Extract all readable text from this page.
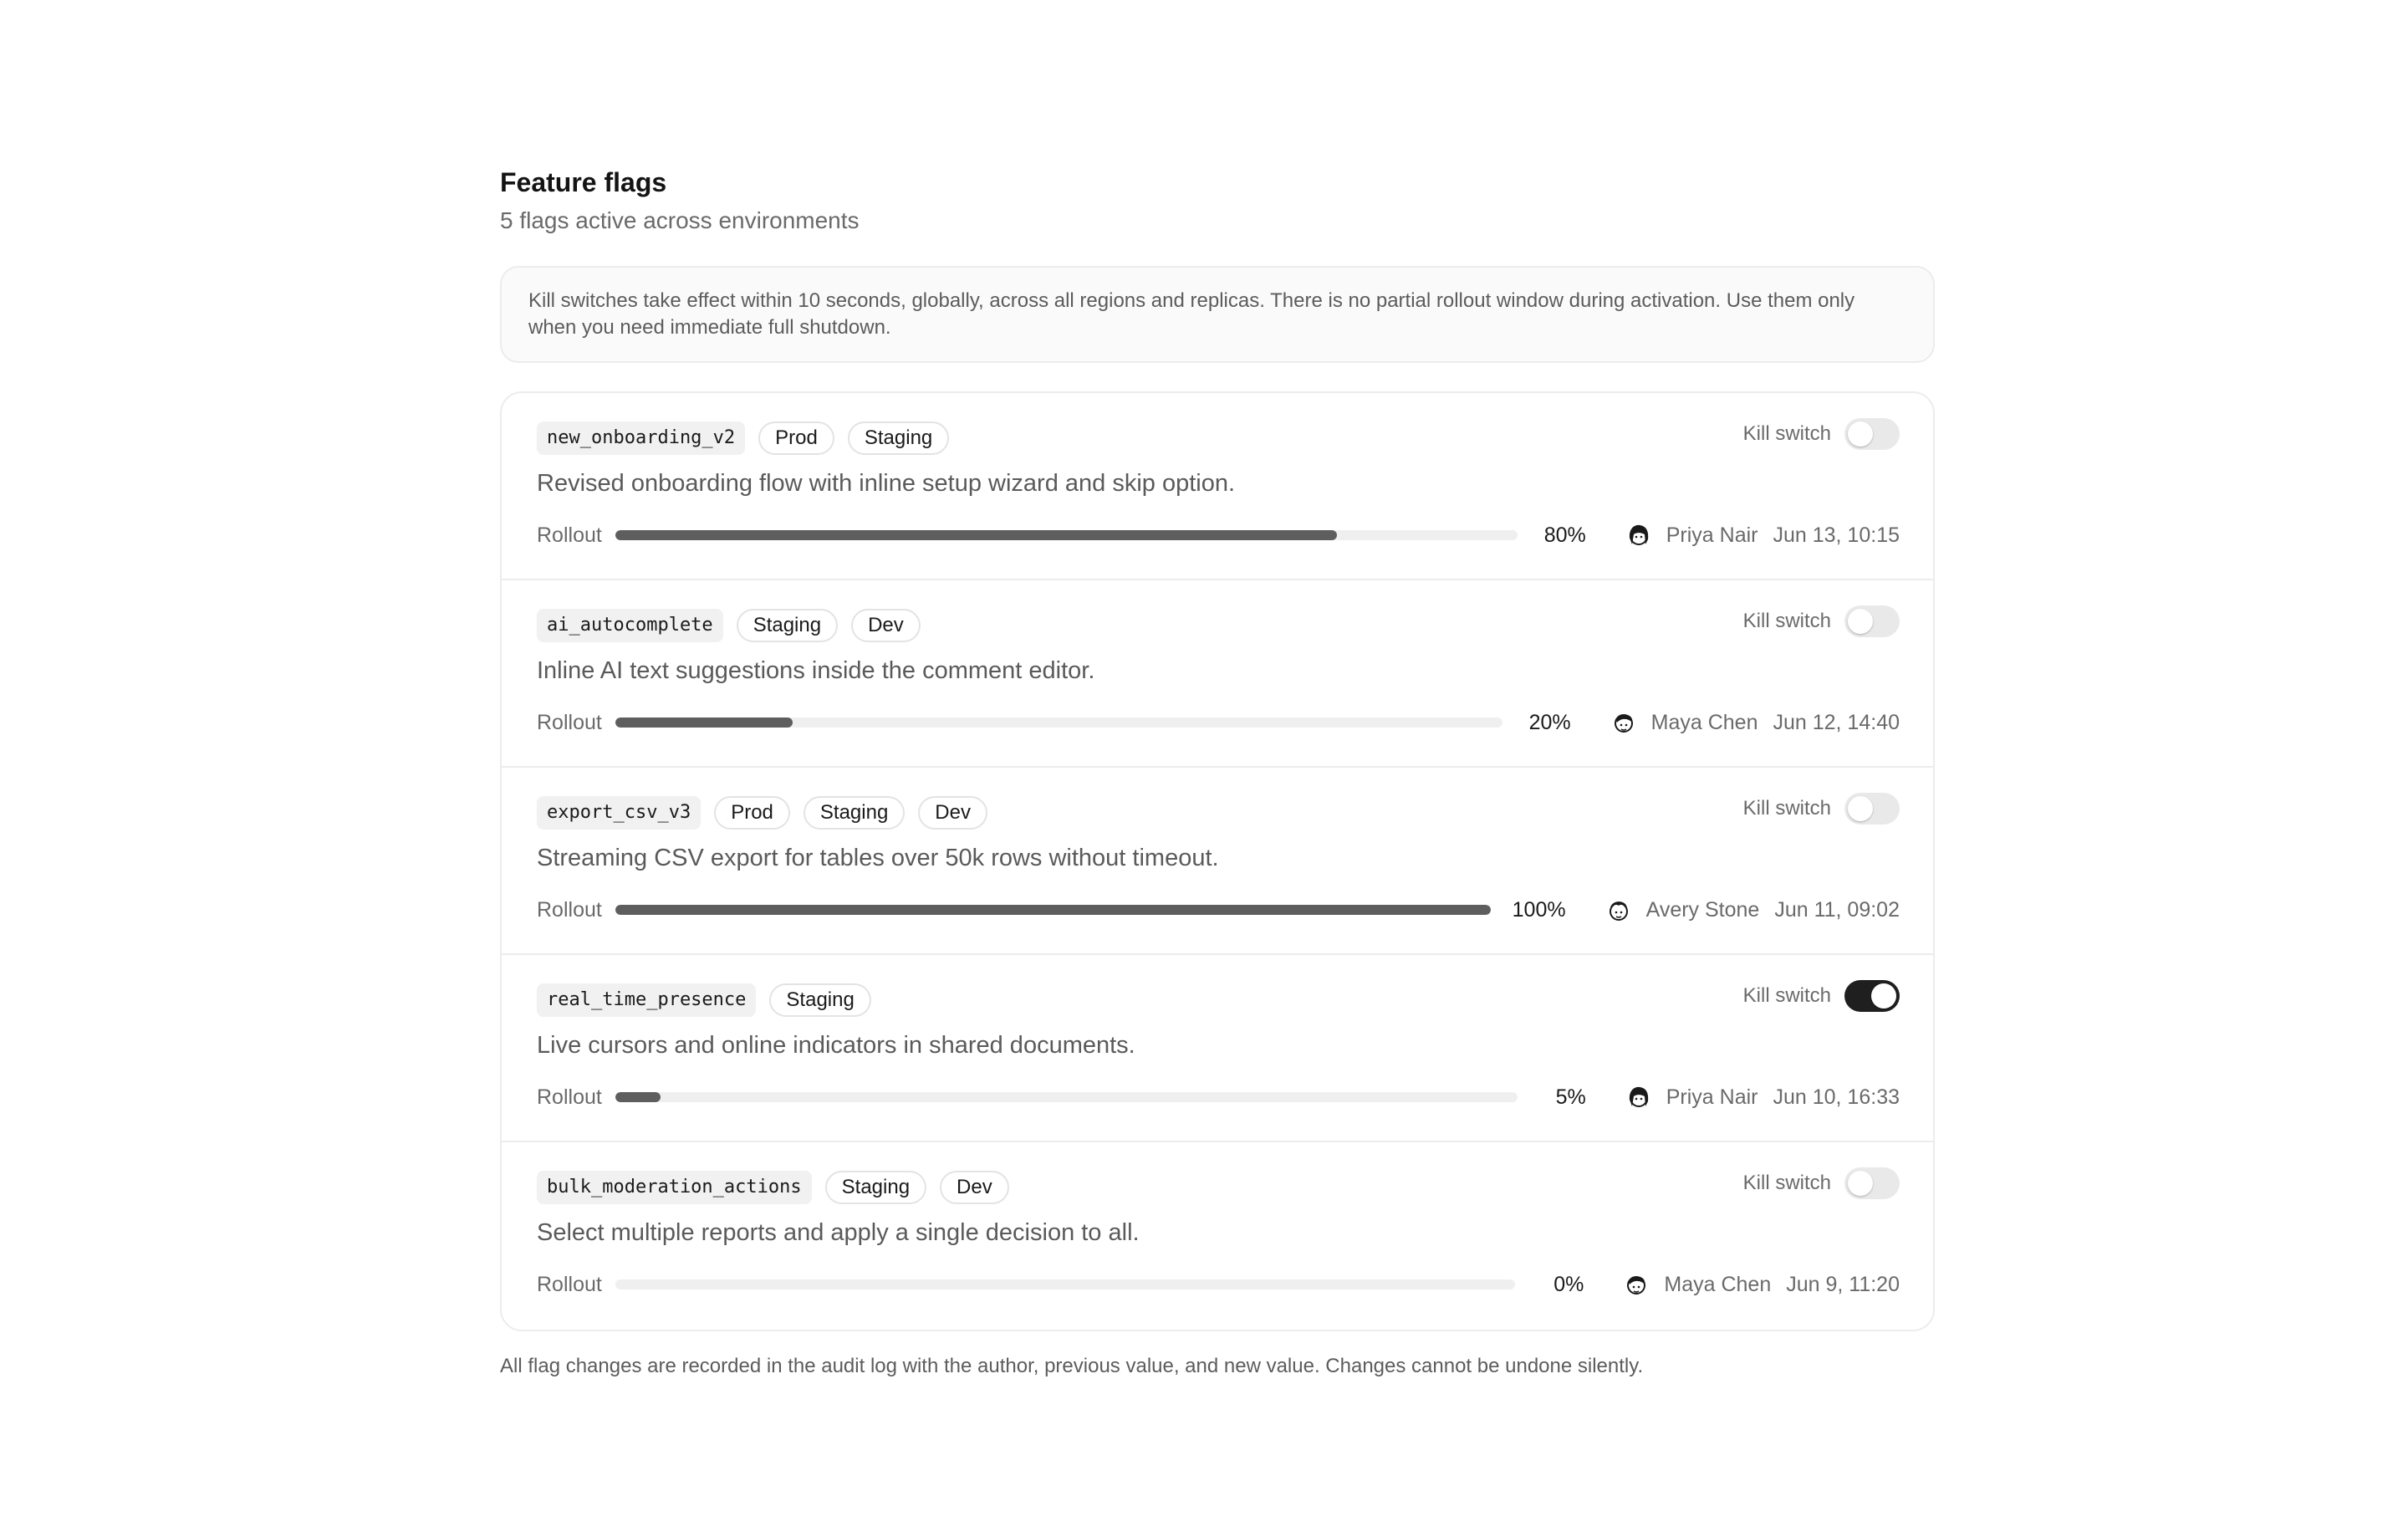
Feature flags
5 flags active across environments
Kill switches take effect within 10 seconds, globally, across all regions and replicas. There is no partial rollout window during activation. Use them only when you need immediate full shutdown.
new_onboarding_v2	Prod	Staging	Kill switch
Revised onboarding flow with inline setup wizard and skip option.
Rollout	80%	Priya Nair Jun 13, 10:15
ai_autocomplete	Staging	Dev	Kill switch
Inline AI text suggestions inside the comment editor.
Rollout	20%	Maya Chen Jun 12, 14:40
export_csv_v3	Prod	Staging	Dev	Kill switch
Streaming CSV export for tables over 50k rows without timeout.
Rollout	100%	Avery Stone Jun 11, 09:02
real_time_presence	Staging	Kill switch
Live cursors and online indicators in shared documents.
Rollout	5%	Priya Nair Jun 10, 16:33
bulk_moderation_actions	Staging	Dev	Kill switch
Select multiple reports and apply a single decision to all.
Rollout	0%	Maya Chen Jun 9, 11:20
All flag changes are recorded in the audit log with the author, previous value, and new value. Changes cannot be undone silently.
